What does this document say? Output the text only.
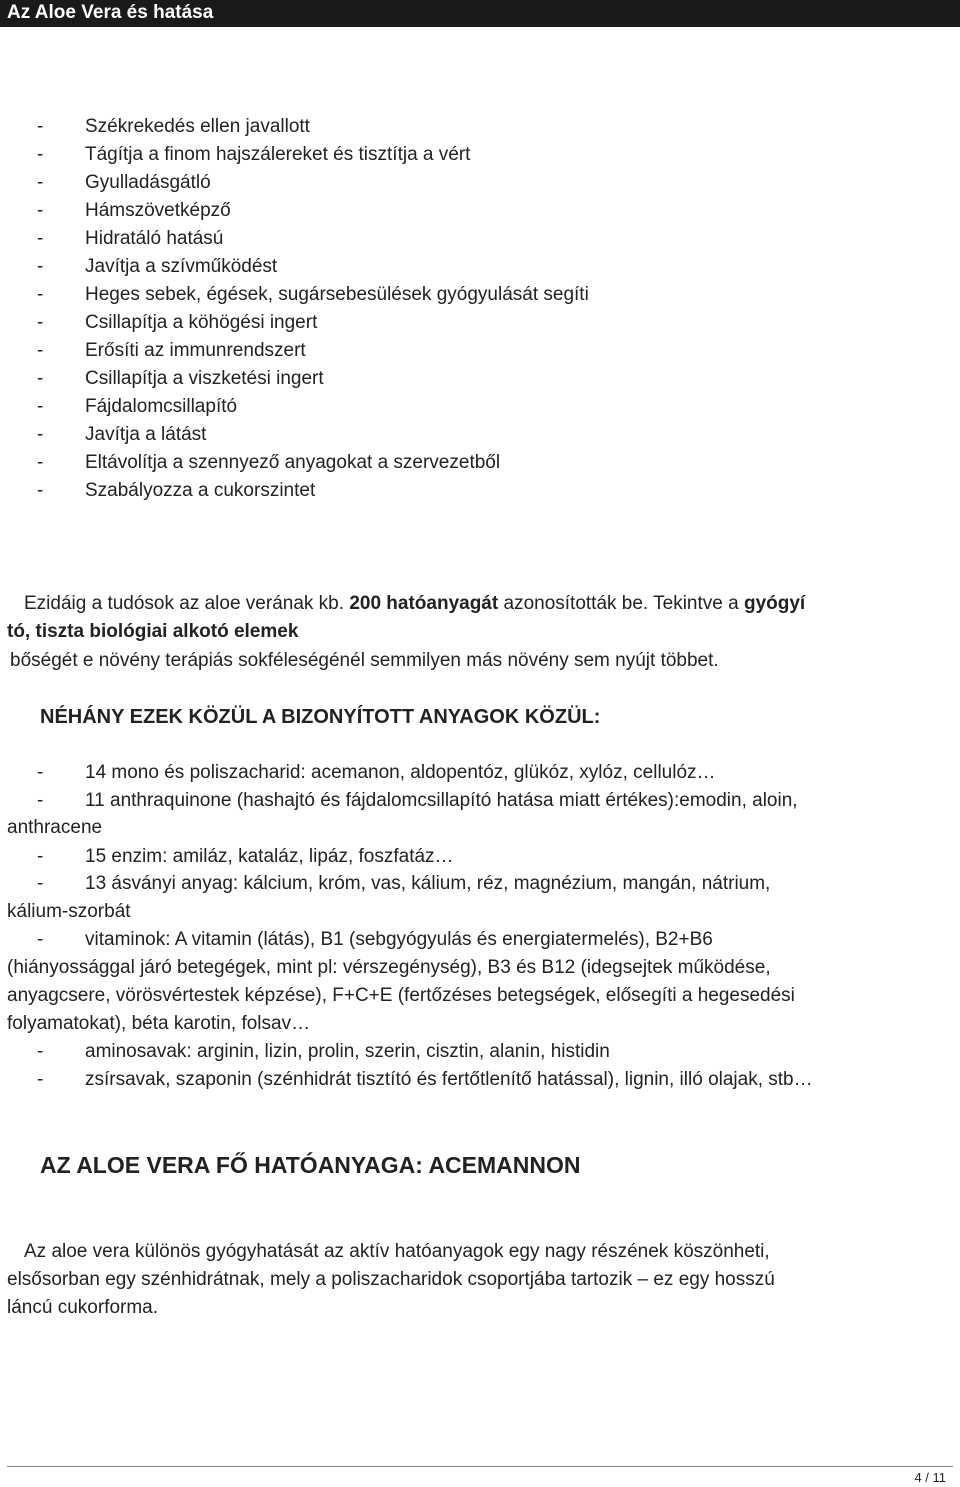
Az Aloe Vera és hatása
- Székrekedés ellen javallott
- Tágítja a finom hajszálereket és tisztítja a vért
- Gyulladásgátló
- Hámszövetképző
- Hidratáló hatású
- Javítja a szívműködést
- Heges sebek, égések, sugársebesülések gyógyulását segíti
- Csillapítja a köhögési ingert
- Erősíti az immunrendszert
- Csillapítja a viszketési ingert
- Fájdalomcsillapító
- Javítja a látást
- Eltávolítja a szennyező anyagokat a szervezetből
- Szabályozza a cukorszintet
Ezidáig a tudósok az aloe verának kb. 200 hatóanyagát azonosították be. Tekintve a gyógyí
tó, tiszta biológiai alkotó elemek
bőségét e növény terápiás sokféleségénél semmilyen más növény sem nyújt többet.
NÉHÁNY EZEK KÖZÜL A BIZONYÍTOTT ANYAGOK KÖZÜL:
- 14 mono és poliszacharid: acemanon, aldopentóz, glükóz, xylóz, cellulóz…
- 11 anthraquinone (hashajtó és fájdalomcsillapító hatása miatt értékes):emodin, aloin,
anthracene
- 15 enzim: amiláz, kataláz, lipáz, foszfatáz…
- 13 ásványi anyag: kálcium, króm, vas, kálium, réz, magnézium, mangán, nátrium,
kálium-szorbát
- vitaminok: A vitamin (látás), B1 (sebgyógyulás és energiatermelés), B2+B6
(hiányossággal járó betegégek, mint pl: vérszegénység), B3 és B12 (idegsejtek működése,
anyagcsere, vörösvértestek képzése), F+C+E (fertőzéses betegségek, elősegíti a hegesedési
folyamatokat), béta karotin, folsav…
- aminosavak: arginin, lizin, prolin, szerin, cisztin, alanin, histidin
- zsírsavak, szaponin (szénhidrát tisztító és fertőtlenítő hatással), lignin, illó olajak, stb…
AZ ALOE VERA FŐ HATÓANYAGA: ACEMANNON
Az aloe vera különös gyógyhatását az aktív hatóanyagok egy nagy részének köszönheti,
elsősorban egy szénhidrátnak, mely a poliszacharidok csoportjába tartozik – ez egy hosszú
láncú cukorforma.
4 / 11
